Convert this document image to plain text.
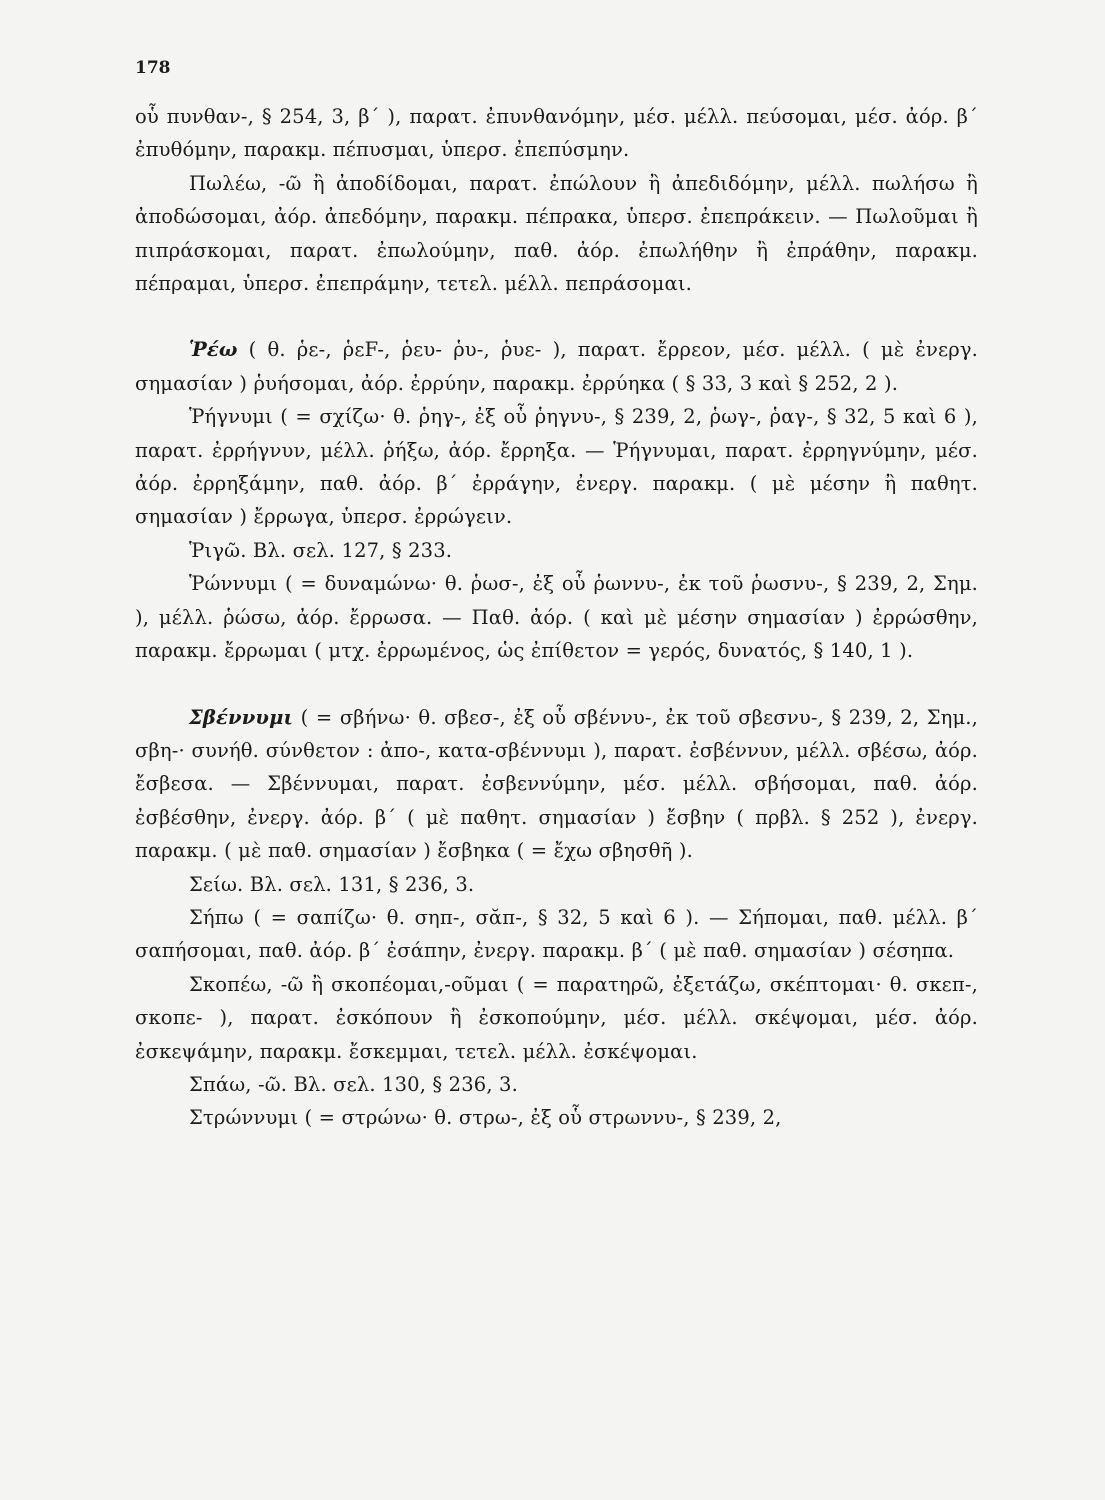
178

οὗ πυνθαν-, § 254, 3, β΄ ), παρατ. ἐπυνθανόμην, μέσ. μέλλ. πεύσομαι, μέσ. ἀόρ. β΄ ἐπυθόμην, παρακμ. πέπυσμαι, ὑπερσ. ἐπεπύσμην.

Πωλέω, -ῶ ἢ ἀποδίδομαι, παρατ. ἐπώλουν ἢ ἀπεδιδόμην, μέλλ. πωλήσω ἢ ἀποδώσομαι, ἀόρ. ἀπεδόμην, παρακμ. πέπρακα, ὑπερσ. ἐπεπράκειν. — Πωλοῦμαι ἢ πιπράσκομαι, παρατ. ἐπωλούμην, παθ. ἀόρ. ἐπωλήθην ἢ ἐπράθην, παρακμ. πέπραμαι, ὑπερσ. ἐπεπράμην, τετελ. μέλλ. πεπράσομαι.

Ῥέω ( θ. ῥε-, ῥεF-, ῥευ- ῥυ-, ῥυε- ), παρατ. ἔρρεον, μέσ. μέλλ. ( μὲ ἐνεργ. σημασίαν ) ῥυήσομαι, ἀόρ. ἐρρύην, παρακμ. ἐρρύηκα ( § 33, 3 καὶ § 252, 2 ).

Ῥήγνυμι ( = σχίζω· θ. ῥηγ-, ἐξ οὗ ῥηγνυ-, § 239, 2, ῥωγ-, ῥαγ-, § 32, 5 καὶ 6 ), παρατ. ἐρρήγνυν, μέλλ. ῥήξω, ἀόρ. ἔρρηξα. — Ῥήγνυμαι, παρατ. ἐρρηγνύμην, μέσ. ἀόρ. ἐρρηξάμην, παθ. ἀόρ. β΄ ἐρράγην, ἐνεργ. παρακμ. ( μὲ μέσην ἢ παθητ. σημασίαν ) ἔρρωγα, ὑπερσ. ἐρρώγειν.

Ῥιγῶ. Βλ. σελ. 127, § 233.

Ῥώννυμι ( = δυναμώνω· θ. ῥωσ-, ἐξ οὗ ῥωννυ-, ἐκ τοῦ ῥωσνυ-, § 239, 2, Σημ. ), μέλλ. ῥώσω, ἀόρ. ἔρρωσα. — Παθ. ἀόρ. ( καὶ μὲ μέσην σημασίαν ) ἐρρώσθην, παρακμ. ἔρρωμαι ( μτχ. ἐρρωμένος, ὡς ἐπίθετον = γερός, δυνατός, § 140, 1 ).

Σβέννυμι ( = σβήνω· θ. σβεσ-, ἐξ οὗ σβέννυ-, ἐκ τοῦ σβεσνυ-, § 239, 2, Σημ., σβη-· συνήθ. σύνθετον : ἀπο-, κατα-σβέννυμι ), παρατ. ἐσβέννυν, μέλλ. σβέσω, ἀόρ. ἔσβεσα. — Σβέννυμαι, παρατ. ἐσβεννύμην, μέσ. μέλλ. σβήσομαι, παθ. ἀόρ. ἐσβέσθην, ἐνεργ. ἀόρ. β΄ ( μὲ παθητ. σημασίαν ) ἔσβην ( πρβλ. § 252 ), ἐνεργ. παρακμ. ( μὲ παθ. σημασίαν ) ἔσβηκα ( = ἔχω σβησθῆ ).

Σείω. Βλ. σελ. 131, § 236, 3.

Σήπω ( = σαπίζω· θ. σηπ-, σᾰπ-, § 32, 5 καὶ 6 ). — Σήπομαι, παθ. μέλλ. β΄ σαπήσομαι, παθ. ἀόρ. β΄ ἐσάπην, ἐνεργ. παρακμ. β΄ ( μὲ παθ. σημασίαν ) σέσηπα.

Σκοπέω, -ῶ ἢ σκοπέομαι,-οῦμαι ( = παρατηρῶ, ἐξετάζω, σκέπτομαι· θ. σκεπ-, σκοπε- ), παρατ. ἐσκόπουν ἢ ἐσκοπούμην, μέσ. μέλλ. σκέψομαι, μέσ. ἀόρ. ἐσκεψάμην, παρακμ. ἔσκεμμαι, τετελ. μέλλ. ἐσκέψομαι.

Σπάω, -ῶ. Βλ. σελ. 130, § 236, 3.

Στρώννυμι ( = στρώνω· θ. στρω-, ἐξ οὗ στρωννυ-, § 239, 2,
